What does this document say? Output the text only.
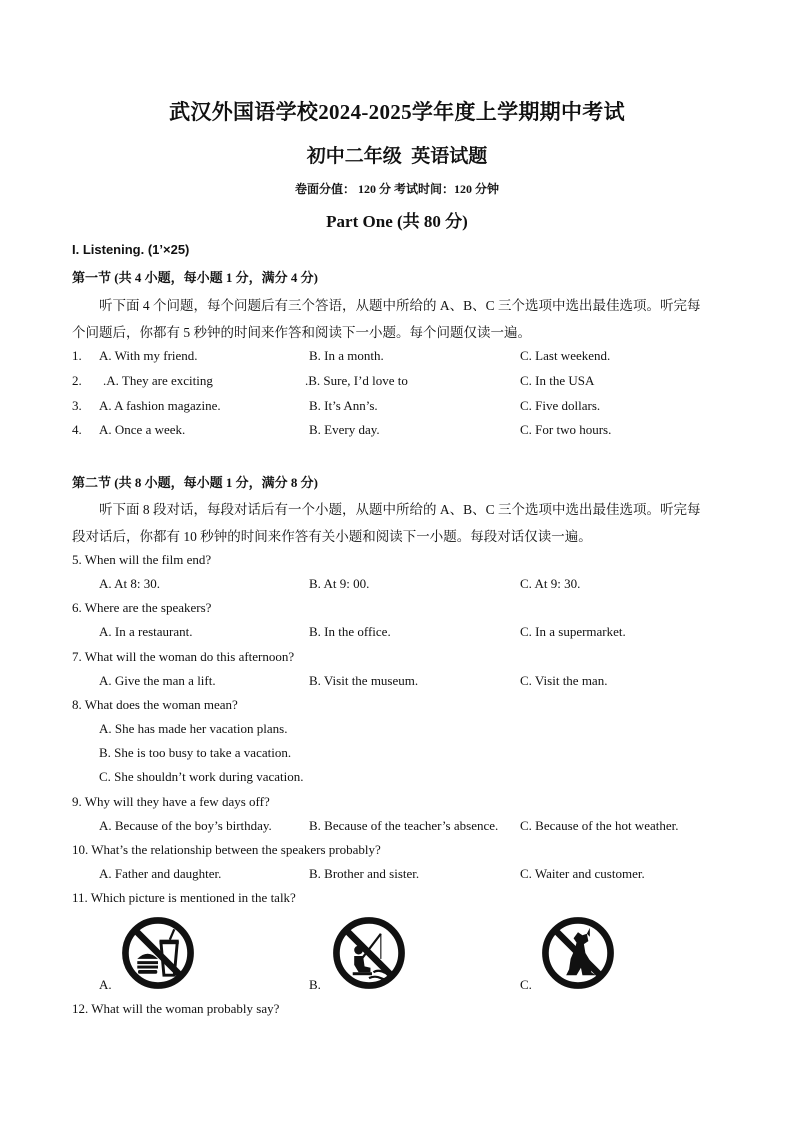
武汉外国语学校2024-2025学年度上学期期中考试
初中二年级 英语试题
卷面分值： 120 分 考试时间：120 分钟
Part One (共 80 分)
I. Listening. (1’×25)
第一节 (共 4 小题，每小题 1 分，满分 4 分)
听下面 4 个问题，每个问题后有三个答语，从题中所给的 A、B、C 三个选项中选出最佳选项。听完每
个问题后，你都有 5 秒钟的时间来作答和阅读下一小题。每个问题仅读一遍。
1. A. With my friend.	B. In a month.	C. Last weekend.
2. .A. They are exciting	.B. Sure, I’d love to	C. In the USA
3. A. A fashion magazine.	B. It’s Ann’s.	C. Five dollars.
4. A. Once a week.	B. Every day.	C. For two hours.
第二节 (共 8 小题，每小题 1 分，满分 8 分)
听下面 8 段对话，每段对话后有一个小题，从题中所给的 A、B、C 三个选项中选出最佳选项。听完每
段对话后，你都有 10 秒钟的时间来作答有关小题和阅读下一小题。每段对话仅读一遍。
5. When will the film end?
A. At 8: 30.	B. At 9: 00.	C. At 9: 30.
6. Where are the speakers?
A. In a restaurant.	B. In the office.	C. In a supermarket.
7. What will the woman do this afternoon?
A. Give the man a lift.	B. Visit the museum.	C. Visit the man.
8. What does the woman mean?
A. She has made her vacation plans.
B. She is too busy to take a vacation.
C. She shouldn’t work during vacation.
9. Why will they have a few days off?
A. Because of the boy’s birthday.	B. Because of the teacher’s absence. C. Because of the hot weather.
10. What’s the relationship between the speakers probably?
A. Father and daughter.	B. Brother and sister.	C. Waiter and customer.
11. Which picture is mentioned in the talk?
A.	B.	C.
12. What will the woman probably say?
